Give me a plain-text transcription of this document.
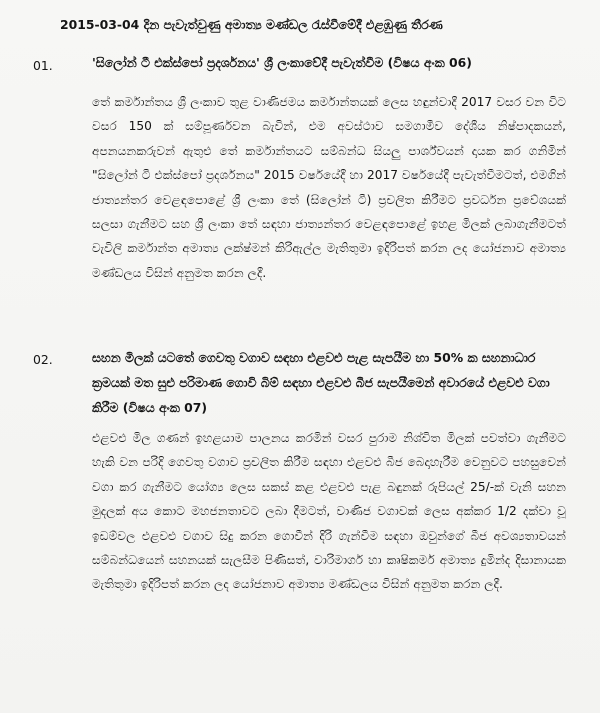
2015-03-04 දින පැවැත්වුණු අමාත්‍ය මණ්ඩල රැස්වීමේදී එළඹුණු තීරණ
01.	'සිලෝන් ටී එක්ස්පෝ ප්‍රදර්ශනය' ශ්‍රී ලංකාවේදී පැවැත්වීම (විෂය අංක 06)
තේ කර්මාන්තය ශ්‍රී ලංකාව තුළ වාණිජමය කර්මාන්තයක් ලෙස හඳුන්වාදී 2017 වසර වන විට වසර 150 ක් සම්පූර්ණවන බැවින්, එම අවස්ථාව සමගාමීව දේශීය නිෂ්පාදකයන්, අපනයනකරුවන් ඇතුළු තේ කර්මාන්තයට සම්බන්ධ සියලු පාර්ශ්වයන් දායක කර ගනිමින් "සිලෝන් ටී එක්ස්පෝ ප්‍රදර්ශනය" 2015 වර්ෂයේදී හා 2017 වර්ෂයේදී පැවැත්වීමටත්, එමගින් ජාත්‍යන්තර වෙළඳපොළේ ශ්‍රී ලංකා තේ (සිලෝන් ටී) ප්‍රචලිත කිරීමට ප්‍රවර්ධන ප්‍රවේශයක් සලසා ගැනීමට සහ ශ්‍රී ලංකා තේ සඳහා ජාත්‍යන්තර වෙළඳපොළේ ඉහළ මිලක් ලබාගැනීමටත් වැවිලි කර්මාන්ත අමාත්‍ය ලක්ෂ්මන් කිරිඇල්ල මැතිතුමා ඉදිරිපත් කරන ලද යෝජනාව අමාත්‍ය මණ්ඩලය විසින් අනුමත කරන ලදී.
02.	සහන මිලක් යටතේ ගෙවතු වගාව සඳහා එළවළු පැළ සැපයීම හා 50% ක සහනාධාර ක්‍රමයක් මත සුළු පරිමාණ ගොවි බිම් සඳහා එළවළු බීජ සැපයීමෙන් අවාරයේ එළවළු වගා කිරීම (විෂය අංක 07)
එළවළු මිල ගණන් ඉහළයාම පාලනය කරමින් වසර පුරාම නිශ්චිත මිලක් පවත්වා ගැනීමට හැකි වන පරිදි ගෙවතු වගාව ප්‍රචලිත කිරීම සඳහා එළවළු බීජ බෙදාහැරීම වෙනුවට පහසුවෙන් වගා කර ගැනීමට යෝග්‍ය ලෙස සකස් කළ එළවළු පැළ බඳුනක් රුපියල් 25/-ක් වැනි සහන මුදලක් අය කොට මහජනතාවට ලබා දීමටත්, වාණිජ වගාවක් ලෙස අක්කර 1/2 දක්වා වූ ඉඩම්වල එළවළු වගාව සිදු කරන ගොවීන් දිරි ගැන්වීම සඳහා ඔවුන්ගේ බීජ අවශ්‍යතාවයන් සම්බන්ධයෙන් සහනයක් සැලසීම පිණිසත්, වාරිමාර්ග හා කෘෂිකර්ම අමාත්‍ය දුමින්ද දිසානායක මැතිතුමා ඉදිරිපත් කරන ලද යෝජනාව අමාත්‍ය මණ්ඩලය විසින් අනුමත කරන ලදී.
